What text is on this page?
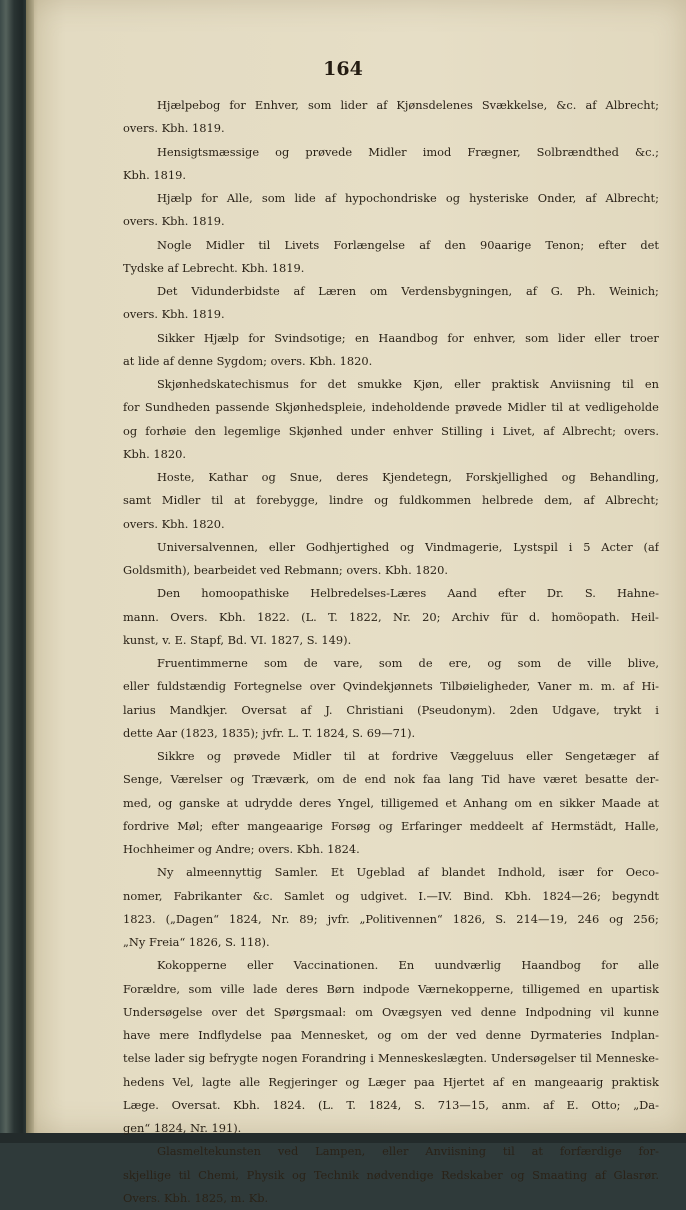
164
Hjælpebog for Enhver, som lider af Kjønsdelenes Svækkelse, &c. af Albrecht;
overs. Kbh. 1819.
Hensigtsmæssige og prøvede Midler imod Frægner, Solbrændthed &c.;
Kbh. 1819.
Hjælp for Alle, som lide af hypochondriske og hysteriske Onder, af Albrecht;
overs. Kbh. 1819.
Nogle Midler til Livets Forlængelse af den 90aarige Tenon; efter det
Tydske af Lebrecht. Kbh. 1819.
Det Vidunderbidste af Læren om Verdensbygningen, af G. Ph. Weinich;
overs. Kbh. 1819.
Sikker Hjælp for Svindsotige; en Haandbog for enhver, som lider eller troer
at lide af denne Sygdom; overs. Kbh. 1820.
Skjønhedskatechismus for det smukke Kjøn, eller praktisk Anviisning til en
for Sundheden passende Skjønhedspleie, indeholdende prøvede Midler til at vedligeholde
og forhøie den legemlige Skjønhed under enhver Stilling i Livet, af Albrecht; overs.
Kbh. 1820.
Hoste, Kathar og Snue, deres Kjendetegn, Forskjellighed og Behandling,
samt Midler til at forebygge, lindre og fuldkommen helbrede dem, af Albrecht;
overs. Kbh. 1820.
Universalvennen, eller Godhjertighed og Vindmagerie, Lystspil i 5 Acter (af
Goldsmith), bearbeidet ved Rebmann; overs. Kbh. 1820.
Den homoopathiske Helbredelses-Læres Aand efter Dr. S. Hahne-
mann. Overs. Kbh. 1822. (L. T. 1822, Nr. 20; Archiv für d. homöopath. Heil-
kunst, v. E. Stapf, Bd. VI. 1827, S. 149).
Fruentimmerne som de vare, som de ere, og som de ville blive,
eller fuldstændig Fortegnelse over Qvindekjønnets Tilbøieligheder, Vaner m. m. af Hi-
larius Mandkjer. Oversat af J. Christiani (Pseudonym). 2den Udgave, trykt i
dette Aar (1823, 1835); jvfr. L. T. 1824, S. 69—71).
Sikkre og prøvede Midler til at fordrive Væggeluus eller Sengetæger af
Senge, Værelser og Træværk, om de end nok faa lang Tid have været besatte der-
med, og ganske at udrydde deres Yngel, tilligemed et Anhang om en sikker Maade at
fordrive Møl; efter mangeaarige Forsøg og Erfaringer meddeelt af Hermstädt, Halle,
Hochheimer og Andre; overs. Kbh. 1824.
Ny almeennyttig Samler. Et Ugeblad af blandet Indhold, især for Oeco-
nomer, Fabrikanter &c. Samlet og udgivet. I.—IV. Bind. Kbh. 1824—26; begyndt
1823. („Dagen“ 1824, Nr. 89; jvfr. „Politivennen“ 1826, S. 214—19, 246 og 256;
„Ny Freia“ 1826, S. 118).
Kokopperne eller Vaccinationen. En uundværlig Haandbog for alle
Forældre, som ville lade deres Børn indpode Værnekopperne, tilligemed en upartisk
Undersøgelse over det Spørgsmaal: om Ovægsyen ved denne Indpodning vil kunne
have mere Indflydelse paa Mennesket, og om der ved denne Dyrmateries Indplan-
telse lader sig befrygte nogen Forandring i Menneskeslægten. Undersøgelser til Menneske-
hedens Vel, lagte alle Regjeringer og Læger paa Hjertet af en mangeaarig praktisk
Læge. Oversat. Kbh. 1824. (L. T. 1824, S. 713—15, anm. af E. Otto; „Da-
gen“ 1824, Nr. 191).
Glasmeltekunsten ved Lampen, eller Anviisning til at forfærdige for-
skjellige til Chemi, Physik og Technik nødvendige Redskaber og Smaating af Glasrør.
Overs. Kbh. 1825, m. Kb.
